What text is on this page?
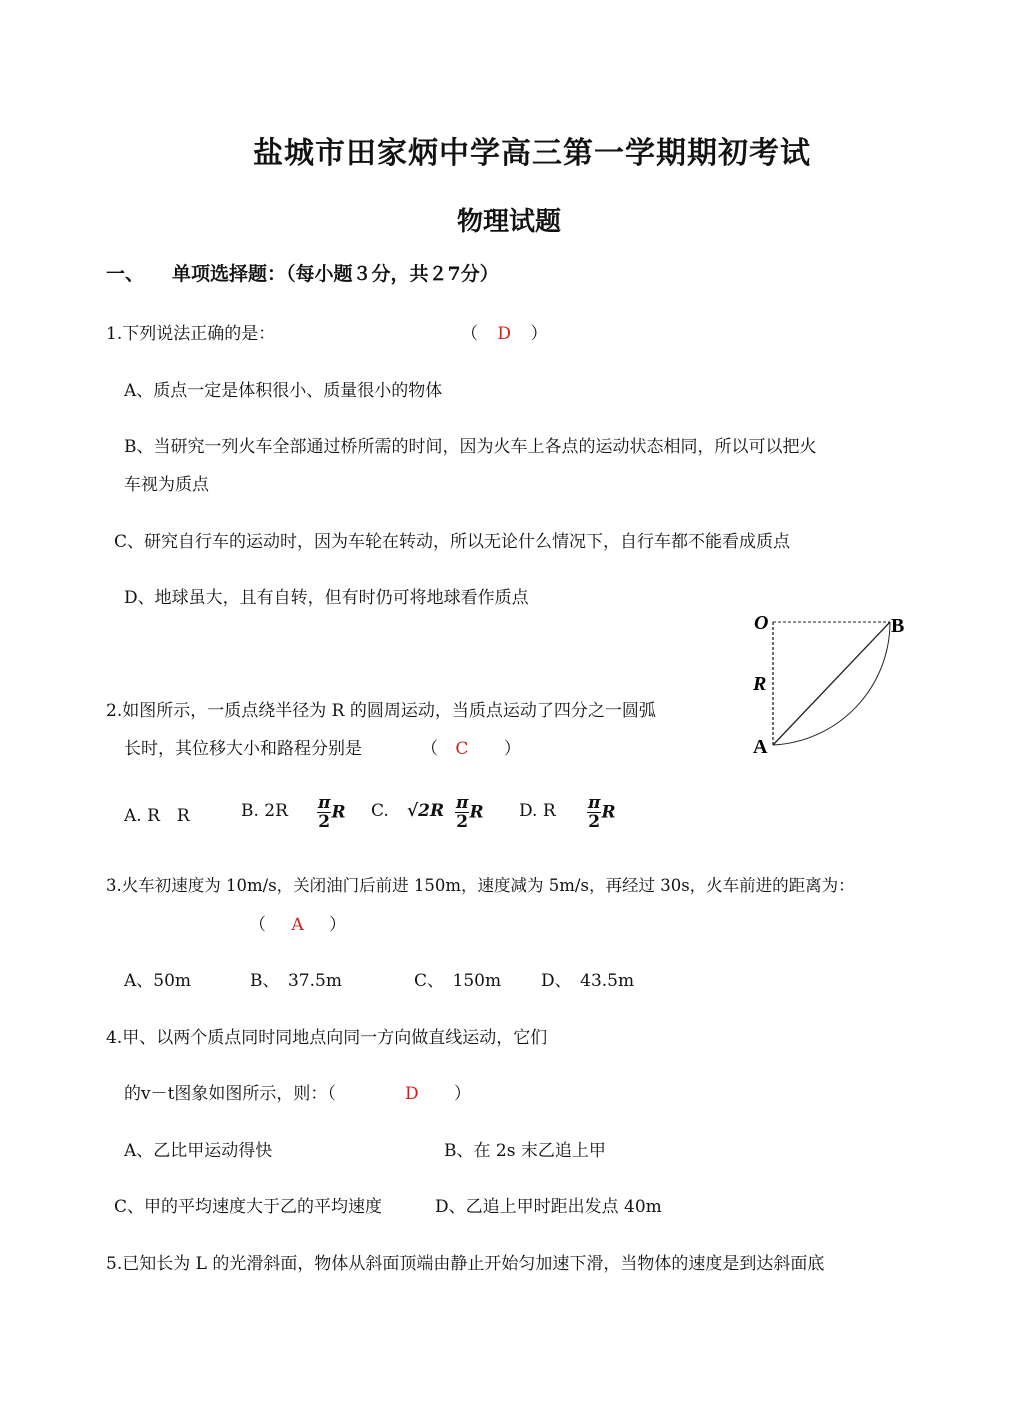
盐城市田家炳中学高三第一学期期初考试
物理试题
一、 单项选择题：（每小题３分，共２7分）
1.下列说法正确的是：	（ D ）
A、质点一定是体积很小、质量很小的物体
B、当研究一列火车全部通过桥所需的时间，因为火车上各点的运动状态相同，所以可以把火
车视为质点
C、研究自行车的运动时，因为车轮在转动，所以无论什么情况下，自行车都不能看成质点
D、地球虽大，且有自转，但有时仍可将地球看作质点
O	B
R
A
2.如图所示，一质点绕半径为 R 的圆周运动，当质点运动了四分之一圆弧
长时，其位移大小和路程分别是	（ C ）
A. R　R	B. $2R \frac{\pi}{2}$ R C. $√2R \frac{\pi}{2}$ R D. R $\frac{\pi}{2}$ R
3.火车初速度为 10m/s，关闭油门后前进 150m，速度减为 5m/s，再经过 30s，火车前进的距离为：
（ A ）
A、50m	B、　37.5m	C、　150m D、　43.5m
4.甲、以两个质点同时同地点向同一方向做直线运动，它们
的v－t图象如图所示，则：（	D ）
A、乙比甲运动得快	B、在 2s 末乙追上甲
C、甲的平均速度大于乙的平均速度	D、乙追上甲时距出发点 40m
5.已知长为 L 的光滑斜面，物体从斜面顶端由静止开始匀加速下滑，当物体的速度是到达斜面底
